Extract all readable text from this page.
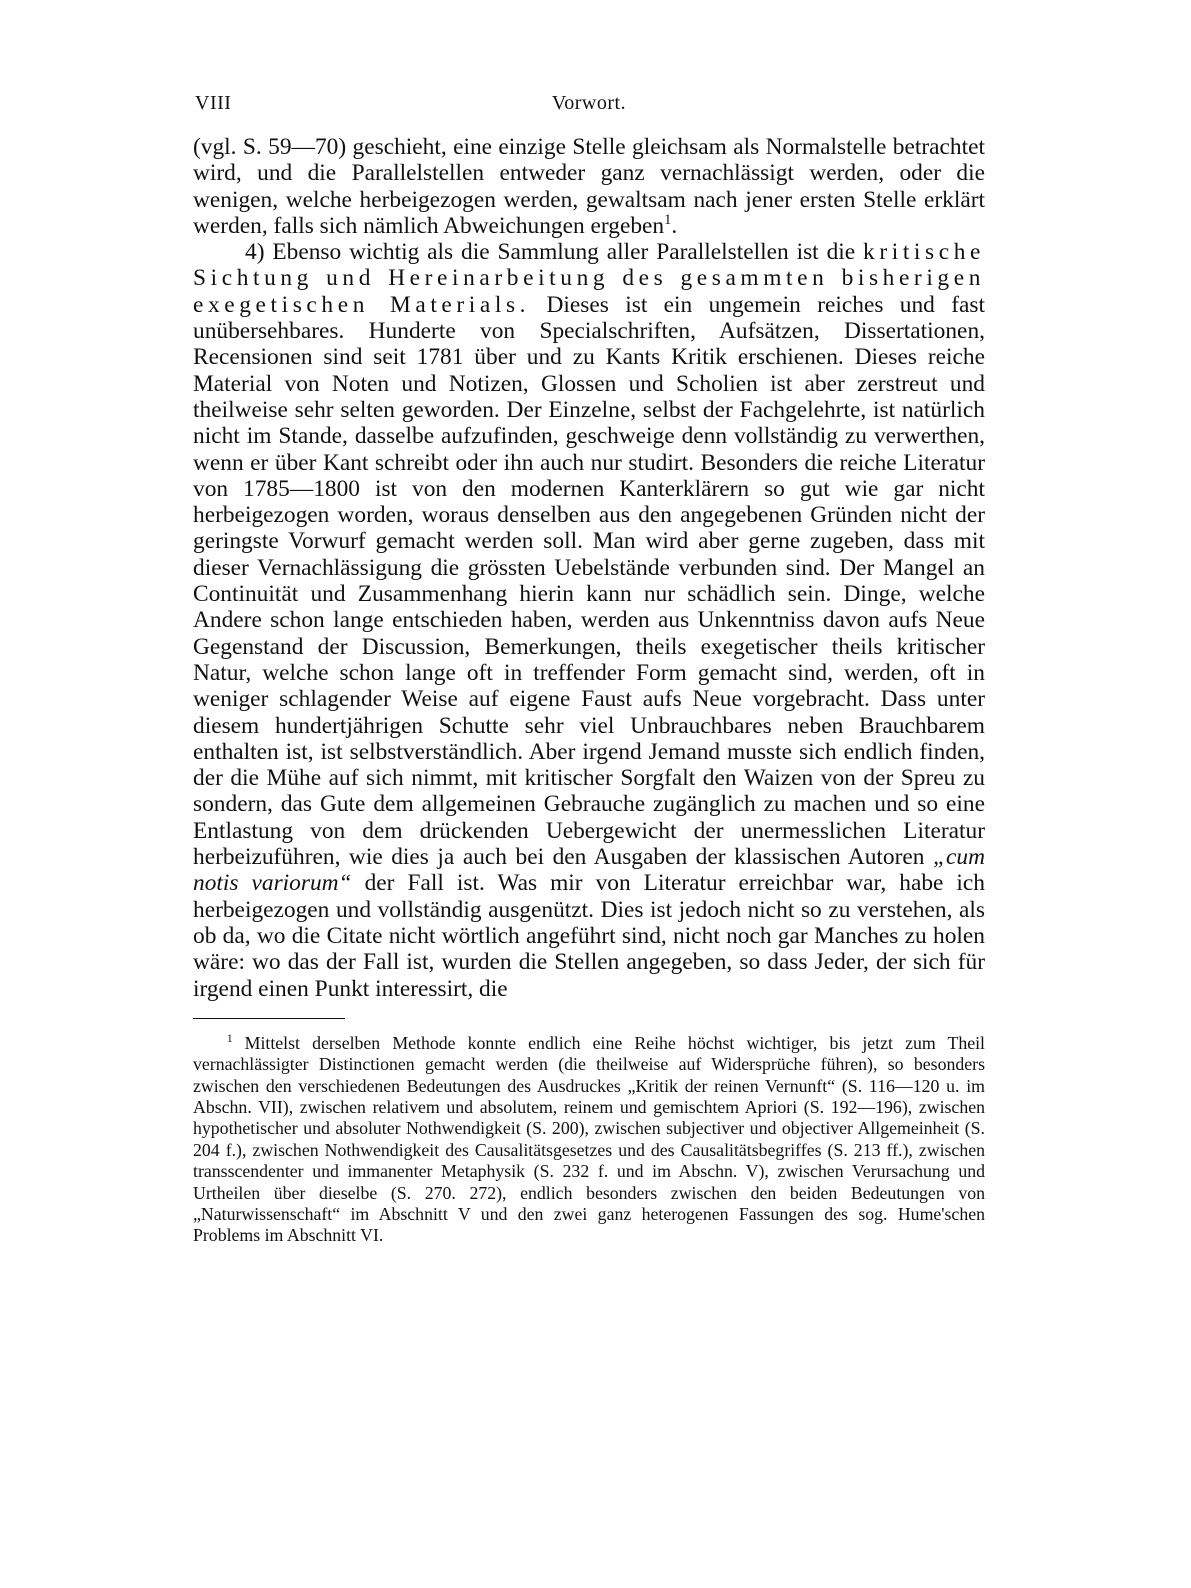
VIII	Vorwort.

(vgl. S. 59—70) geschieht, eine einzige Stelle gleichsam als Normalstelle betrachtet wird, und die Parallelstellen entweder ganz vernachlässigt werden, oder die wenigen, welche herbeigezogen werden, gewaltsam nach jener ersten Stelle erklärt werden, falls sich nämlich Abweichungen ergeben$^1$.

4) Ebenso wichtig als die Sammlung aller Parallelstellen ist die kritische Sichtung und Hereinarbeitung des gesammten bisherigen exegetischen Materials. Dieses ist ein ungemein reiches und fast unübersehbares. Hunderte von Specialschriften, Aufsätzen, Dissertationen, Recensionen sind seit 1781 über und zu Kants Kritik erschienen. Dieses reiche Material von Noten und Notizen, Glossen und Scholien ist aber zerstreut und theilweise sehr selten geworden. Der Einzelne, selbst der Fachgelehrte, ist natürlich nicht im Stande, dasselbe aufzufinden, geschweige denn vollständig zu verwerthen, wenn er über Kant schreibt oder ihn auch nur studirt. Besonders die reiche Literatur von 1785—1800 ist von den modernen Kanterklärern so gut wie gar nicht herbeigezogen worden, woraus denselben aus den angegebenen Gründen nicht der geringste Vorwurf gemacht werden soll. Man wird aber gerne zugeben, dass mit dieser Vernachlässigung die grössten Uebelstände verbunden sind. Der Mangel an Continuität und Zusammenhang hierin kann nur schädlich sein. Dinge, welche Andere schon lange entschieden haben, werden aus Unkenntniss davon aufs Neue Gegenstand der Discussion, Bemerkungen, theils exegetischer theils kritischer Natur, welche schon lange oft in treffender Form gemacht sind, werden, oft in weniger schlagender Weise auf eigene Faust aufs Neue vorgebracht. Dass unter diesem hundertjährigen Schutte sehr viel Unbrauchbares neben Brauchbarem enthalten ist, ist selbstverständlich. Aber irgend Jemand musste sich endlich finden, der die Mühe auf sich nimmt, mit kritischer Sorgfalt den Waizen von der Spreu zu sondern, das Gute dem allgemeinen Gebrauche zugänglich zu machen und so eine Entlastung von dem drückenden Uebergewicht der unermesslichen Literatur herbeizuführen, wie dies ja auch bei den Ausgaben der klassischen Autoren „cum notis variorum“ der Fall ist. Was mir von Literatur erreichbar war, habe ich herbeigezogen und vollständig ausgenützt. Dies ist jedoch nicht so zu verstehen, als ob da, wo die Citate nicht wörtlich angeführt sind, nicht noch gar Manches zu holen wäre: wo das der Fall ist, wurden die Stellen angegeben, so dass Jeder, der sich für irgend einen Punkt interessirt, die

$^1$ Mittelst derselben Methode konnte endlich eine Reihe höchst wichtiger, bis jetzt zum Theil vernachlässigter Distinctionen gemacht werden (die theilweise auf Widersprüche führen), so besonders zwischen den verschiedenen Bedeutungen des Ausdruckes „Kritik der reinen Vernunft“ (S. 116—120 u. im Abschn. VII), zwischen relativem und absolutem, reinem und gemischtem Apriori (S. 192—196), zwischen hypothetischer und absoluter Nothwendigkeit (S. 200), zwischen subjectiver und objectiver Allgemeinheit (S. 204 f.), zwischen Nothwendigkeit des Causalitätsgesetzes und des Causalitätsbegriffes (S. 213 ff.), zwischen transscendenter und immanenter Metaphysik (S. 232 f. und im Abschn. V), zwischen Verursachung und Urtheilen über dieselbe (S. 270. 272), endlich besonders zwischen den beiden Bedeutungen von „Naturwissenschaft“ im Abschnitt V und den zwei ganz heterogenen Fassungen des sog. Hume'schen Problems im Abschnitt VI.
